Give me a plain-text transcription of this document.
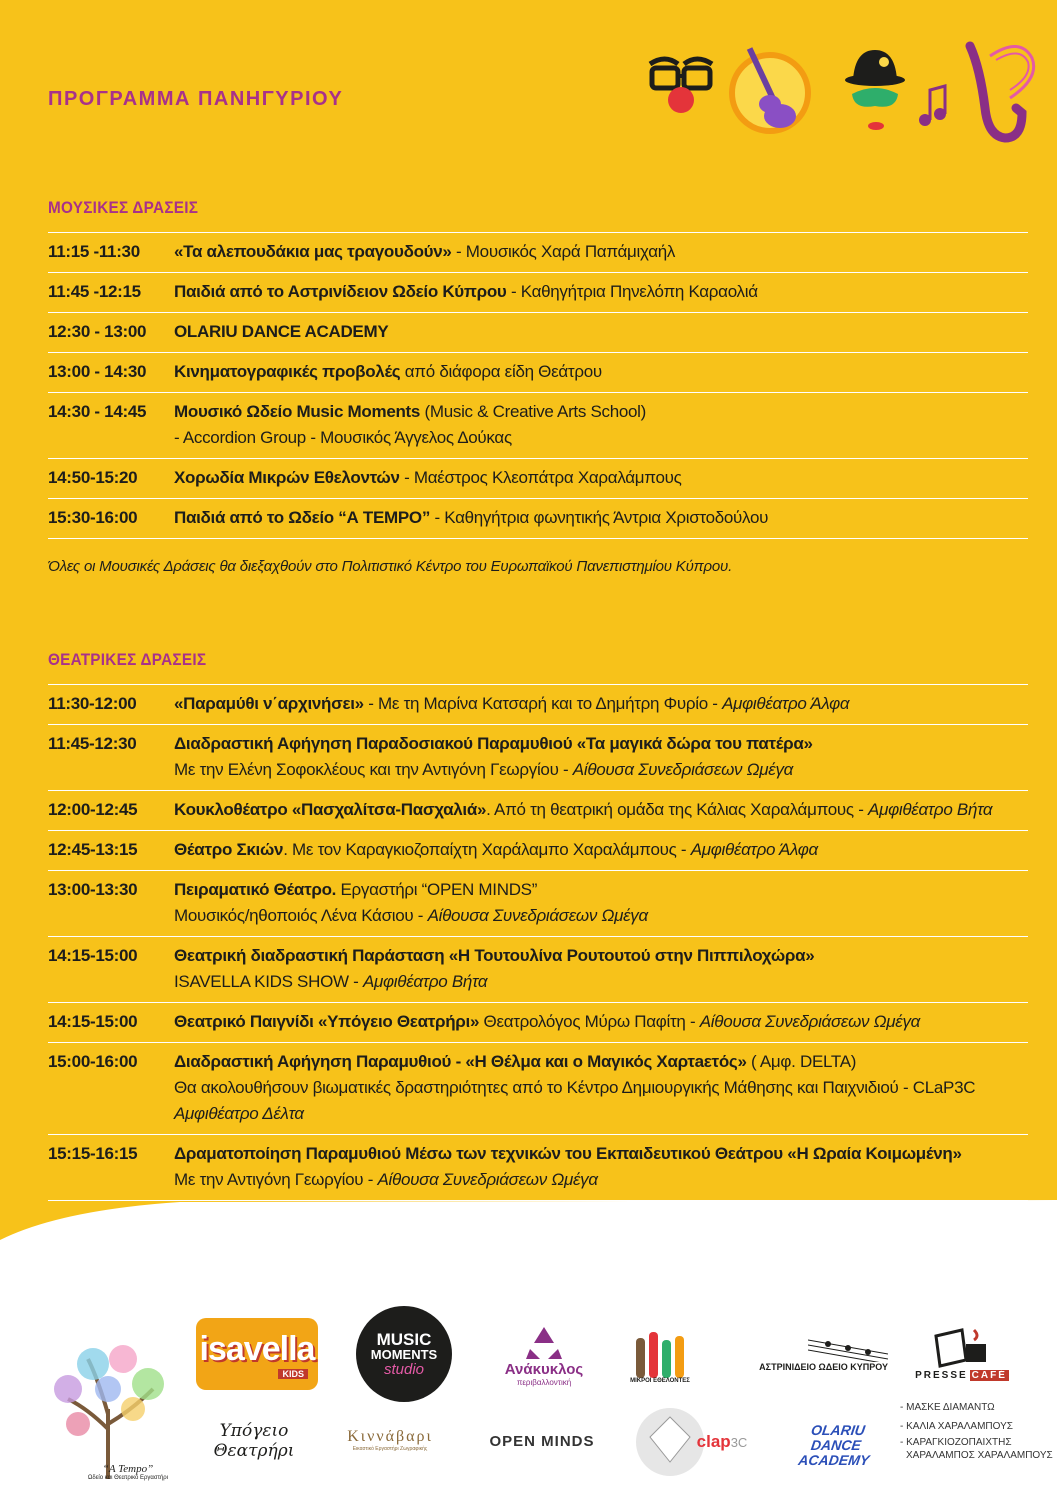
ΠΡΟΓΡΑΜΜΑ ΠΑΝΗΓΥΡΙΟΥ
ΜΟΥΣΙΚΕΣ ΔΡΑΣΕΙΣ
11:15 -11:30	«Τα αλεπουδάκια μας τραγουδούν» - Μουσικός Χαρά Παπάμιχαήλ
11:45 -12:15	Παιδιά από το Αστρινίδειον Ωδείο Κύπρου - Καθηγήτρια Πηνελόπη Καραολιά
12:30 - 13:00	OLARIU DANCE ACADEMY
13:00 - 14:30	Κινηματογραφικές προβολές από διάφορα είδη Θεάτρου
14:30 - 14:45	Μουσικό Ωδείο Music Moments (Music & Creative Arts School)
- Accordion Group - Μουσικός Άγγελος Δούκας
14:50-15:20	Χορωδία Μικρών Εθελοντών - Μαέστρος Κλεοπάτρα Χαραλάμπους
15:30-16:00	Παιδιά από το Ωδείο “Α ΤΕΜΡΟ” - Καθηγήτρια φωνητικής Άντρια Χριστοδούλου
Όλες οι Μουσικές Δράσεις θα διεξαχθούν στο Πολιτιστικό Κέντρο του Ευρωπαϊκού Πανεπιστημίου Κύπρου.
ΘΕΑΤΡΙΚΕΣ ΔΡΑΣΕΙΣ
11:30-12:00	«Παραμύθι ν΄αρχινήσει» - Με τη Μαρίνα Κατσαρή και το Δημήτρη Φυρίο - Αμφιθέατρο Άλφα
11:45-12:30	Διαδραστική Αφήγηση Παραδοσιακού Παραμυθιού «Τα μαγικά δώρα του πατέρα»
Με την Ελένη Σοφοκλέους και την Αντιγόνη Γεωργίου - Αίθουσα Συνεδριάσεων Ωμέγα
12:00-12:45	Κουκλοθέατρο «Πασχαλίτσα-Πασχαλιά». Από τη θεατρική ομάδα της Κάλιας Χαραλάμπους - Αμφιθέατρο Βήτα
12:45-13:15	Θέατρο Σκιών. Με τον Καραγκιοζοπαίχτη Χαράλαμπο Χαραλάμπους - Αμφιθέατρο Άλφα
13:00-13:30	Πειραματικό Θέατρο. Εργαστήρι “OPEN MINDS”
Μουσικός/ηθοποιός Λένα Κάσιου - Αίθουσα Συνεδριάσεων Ωμέγα
14:15-15:00	Θεατρική διαδραστική Παράσταση «Η Τουτουλίνα Ρουτουτού στην Πιππιλοχώρα»
ISAVELLA KIDS SHOW - Αμφιθέατρο Βήτα
14:15-15:00	Θεατρικό Παιγνίδι «Υπόγειο Θεατρήρι» Θεατρολόγος Μύρω Παφίτη - Αίθουσα Συνεδριάσεων Ωμέγα
15:00-16:00	Διαδραστική Αφήγηση Παραμυθιού - «Η Θέλμα και ο Μαγικός Χαρτaετός» ( Αμφ. DELTA)
Θα ακολουθήσουν βιωματικές δραστηριότητες από το Κέντρο Δημιουργικής Μάθησης και Παιχνιδιού - CLaP3C
Αμφιθέατρο Δέλτα
15:15-16:15	Δραματοποίηση Παραμυθιού Μέσω των τεχνικών του Εκπαιδευτικού Θεάτρου «Η Ωραία Κοιμωμένη»
Με την Αντιγόνη Γεωργίου - Αίθουσα Συνεδριάσεων Ωμέγα
“Α Tempo”
Ωδείο και Θεατρικό Εργαστήρι
isavella
KIDS
MUSIC
MOMENTS
studio	Ανάκυκλος
περιβαλλοντική	ΜΙΚΡΟΙ ΕΘΕΛΟΝΤΕΣ
ΑΣΤΡΙΝΙΔΕΙΟ ΩΔΕΙΟ ΚΥΠΡΟΥ
PRESSE CAFÉ
Υπόγειο
Θεατρήρι
Κιννάβαρι
Εικαστικό Εργαστήρι Ζωγραφικής	OPEN MINDS	clap 3C
OLARIU
DANCE
ACADEMY
- ΜΑΣΚΕ ΔΙΑΜΑΝΤΩ
- ΚΑΛΙΑ ΧΑΡΑΛΑΜΠΟΥΣ
- ΚΑΡΑΓΚΙΟΖΟΠΑΙΧΤΗΣ
ΧΑΡΑΛΑΜΠΟΣ ΧΑΡΑΛΑΜΠΟΥΣ
